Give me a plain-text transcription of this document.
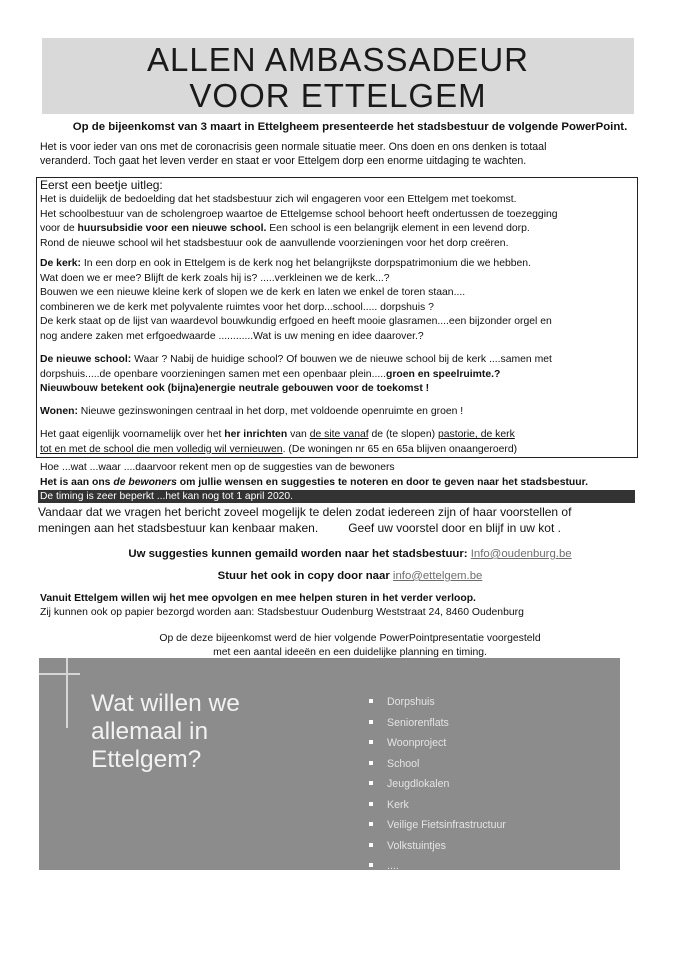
ALLEN AMBASSADEUR
VOOR ETTELGEM
Op de bijeenkomst van 3 maart in Ettelgheem presenteerde het stadsbestuur de volgende PowerPoint.
Het is voor ieder van ons met de coronacrisis geen normale situatie meer. Ons doen en ons denken is totaal
veranderd. Toch gaat het leven verder en staat er voor Ettelgem dorp een enorme uitdaging te wachten.

Eerst een beetje uitleg:

Het is duidelijk de bedoelding dat het stadsbestuur zich wil engageren voor een Ettelgem met toekomst.

Het schoolbestuur van de scholengroep waartoe de Ettelgemse school behoort heeft ondertussen de toezegging

voor de huursubsidie voor een nieuwe school. Een school is een belangrijk element in een levend dorp.

Rond de nieuwe school wil het stadsbestuur ook de aanvullende voorzieningen voor het dorp creëren.

De kerk: In een dorp en ook in Ettelgem is de kerk nog het belangrijkste dorpspatrimonium die we hebben.

Wat doen we er mee? Blijft de kerk zoals hij is? .....verkleinen we de kerk...?

Bouwen we een nieuwe kleine kerk of slopen we de kerk en laten we enkel de toren staan....

combineren we de kerk met polyvalente ruimtes voor het dorp...school..... dorpshuis ?

De kerk staat op de lijst van waardevol bouwkundig erfgoed en heeft mooie glasramen....een bijzonder orgel en

nog andere zaken met erfgoedwaarde ............Wat is uw mening en idee daarover.?

De nieuwe school: Waar ? Nabij de huidige school? Of bouwen we de nieuwe school bij de kerk ....samen met

dorpshuis.....de openbare voorzieningen samen met een openbaar plein.....groen en speelruimte.?

Nieuwbouw betekent ook (bijna)energie neutrale gebouwen voor de toekomst !

Wonen: Nieuwe gezinswoningen centraal in het dorp, met voldoende openruimte en groen !

Het gaat eigenlijk voornamelijk over het her inrichten van de site vanaf de (te slopen) pastorie, de kerk

tot en met de school die men volledig wil vernieuwen. (De woningen nr 65 en 65a blijven onaangeroerd)

Hoe ...wat ...waar ....daarvoor rekent men op de suggesties van de bewoners

Het is aan ons de bewoners om jullie wensen en suggesties te noteren en door te geven naar het stadsbestuur.

De timing is zeer beperkt ...het kan nog tot 1 april 2020.
Vandaar dat we vragen het bericht zoveel mogelijk te delen zodat iedereen zijn of haar voorstellen of
meningen aan het stadsbestuur kan kenbaar maken.         Geef uw voorstel door en blijf in uw kot .
Uw suggesties kunnen gemaild worden naar het stadsbestuur: Info@oudenburg.be
Stuur het ook in copy door naar info@ettelgem.be
Vanuit Ettelgem willen wij het mee opvolgen en mee helpen sturen in het verder verloop.
Zij kunnen ook op papier bezorgd worden aan: Stadsbestuur Oudenburg Weststraat 24, 8460 Oudenburg
Op de deze bijeenkomst werd de hier volgende PowerPointpresentatie voorgesteld
met een aantal ideeën en een duidelijke planning en timing.
Wat willen we
allemaal in
Ettelgem?
Dorpshuis
Seniorenflats
Woonproject
School
Jeugdlokalen
Kerk
Veilige Fietsinfrastructuur
Volkstuintjes
....
